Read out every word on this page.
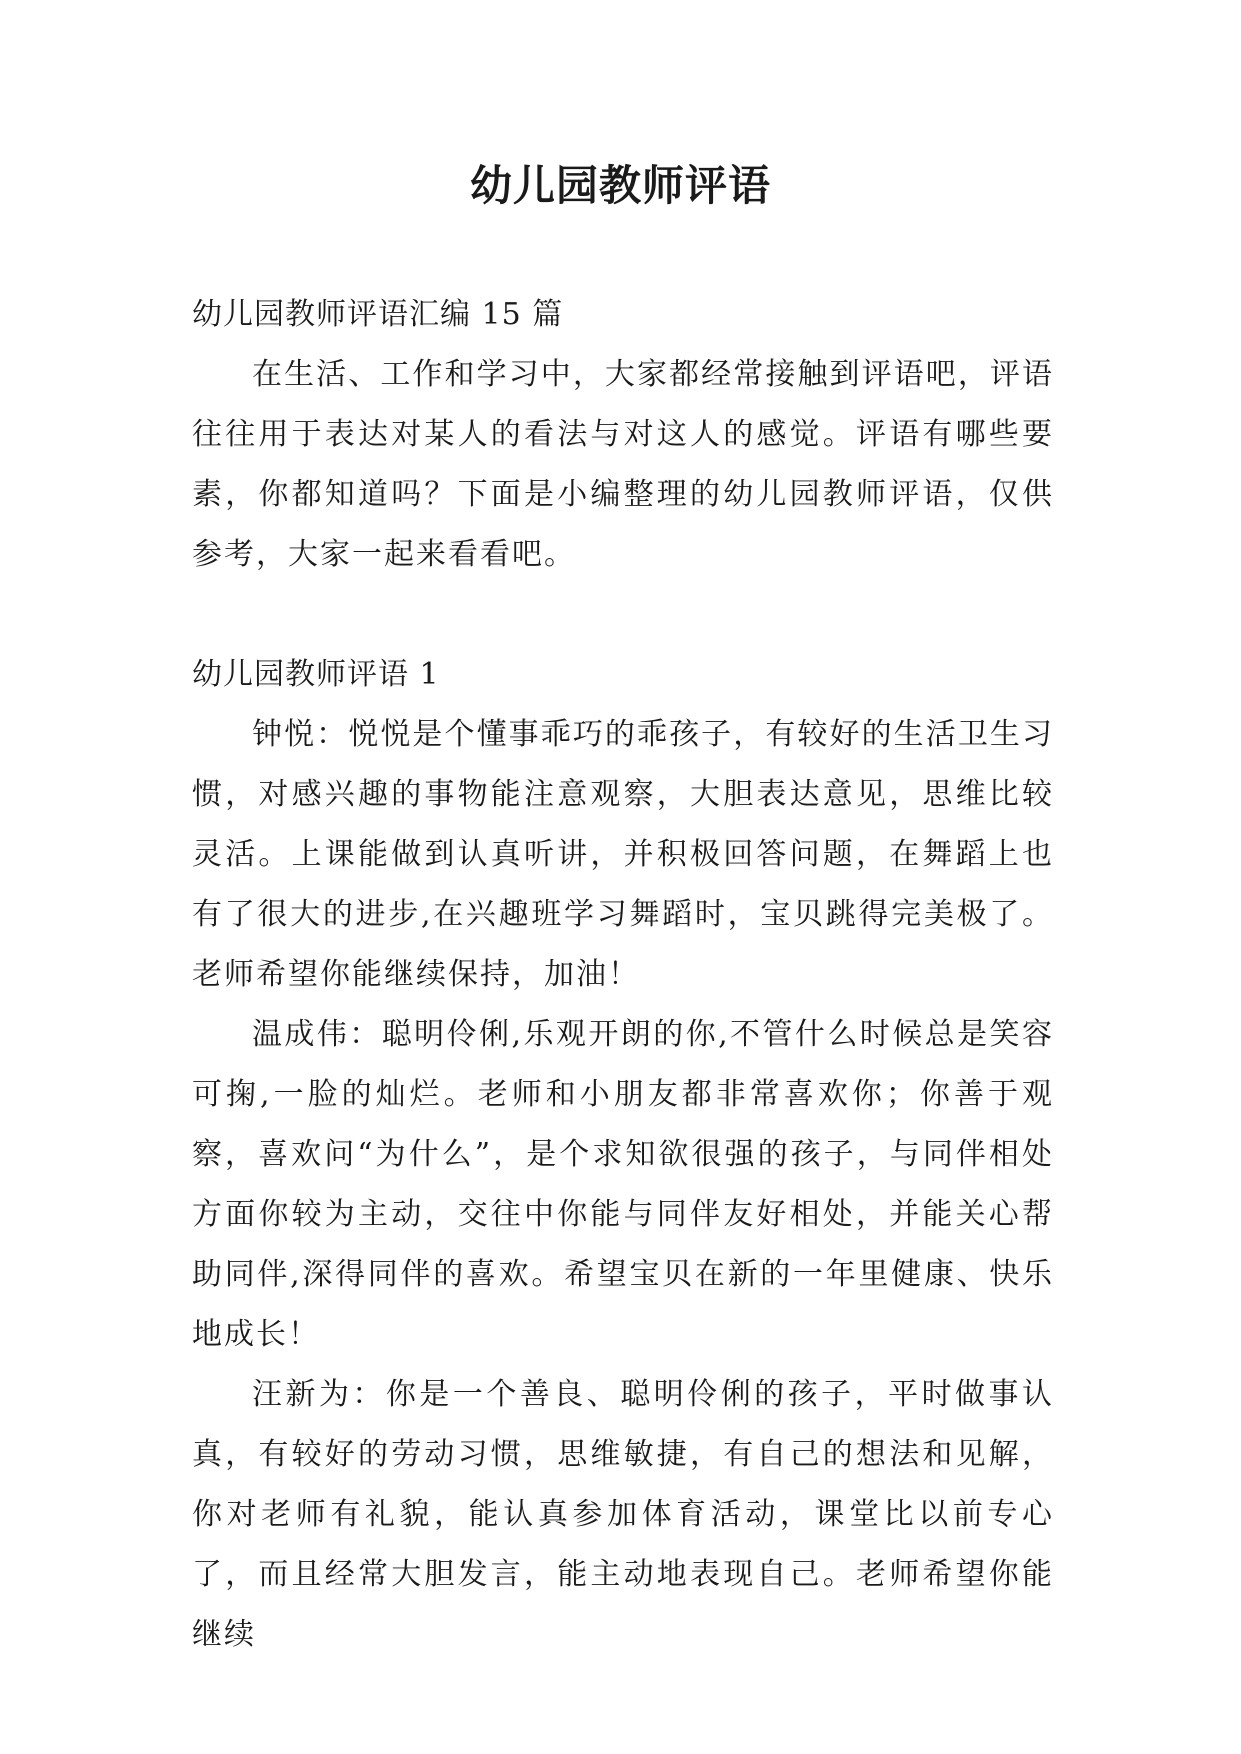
幼儿园教师评语

幼儿园教师评语汇编 15 篇

在生活、工作和学习中，大家都经常接触到评语吧，评语往往用于表达对某人的看法与对这人的感觉。评语有哪些要素，你都知道吗？下面是小编整理的幼儿园教师评语，仅供参考，大家一起来看看吧。

幼儿园教师评语 1

钟悦：悦悦是个懂事乖巧的乖孩子，有较好的生活卫生习惯，对感兴趣的事物能注意观察，大胆表达意见，思维比较灵活。上课能做到认真听讲，并积极回答问题，在舞蹈上也有了很大的进步,在兴趣班学习舞蹈时，宝贝跳得完美极了。老师希望你能继续保持，加油！

温成伟：聪明伶俐,乐观开朗的你,不管什么时候总是笑容可掬,一脸的灿烂。老师和小朋友都非常喜欢你；你善于观察，喜欢问“为什么”，是个求知欲很强的孩子，与同伴相处方面你较为主动，交往中你能与同伴友好相处，并能关心帮助同伴,深得同伴的喜欢。希望宝贝在新的一年里健康、快乐地成长！

汪新为：你是一个善良、聪明伶俐的孩子，平时做事认真，有较好的劳动习惯，思维敏捷，有自己的想法和见解，你对老师有礼貌，能认真参加体育活动，课堂比以前专心了，而且经常大胆发言，能主动地表现自己。老师希望你能继续
